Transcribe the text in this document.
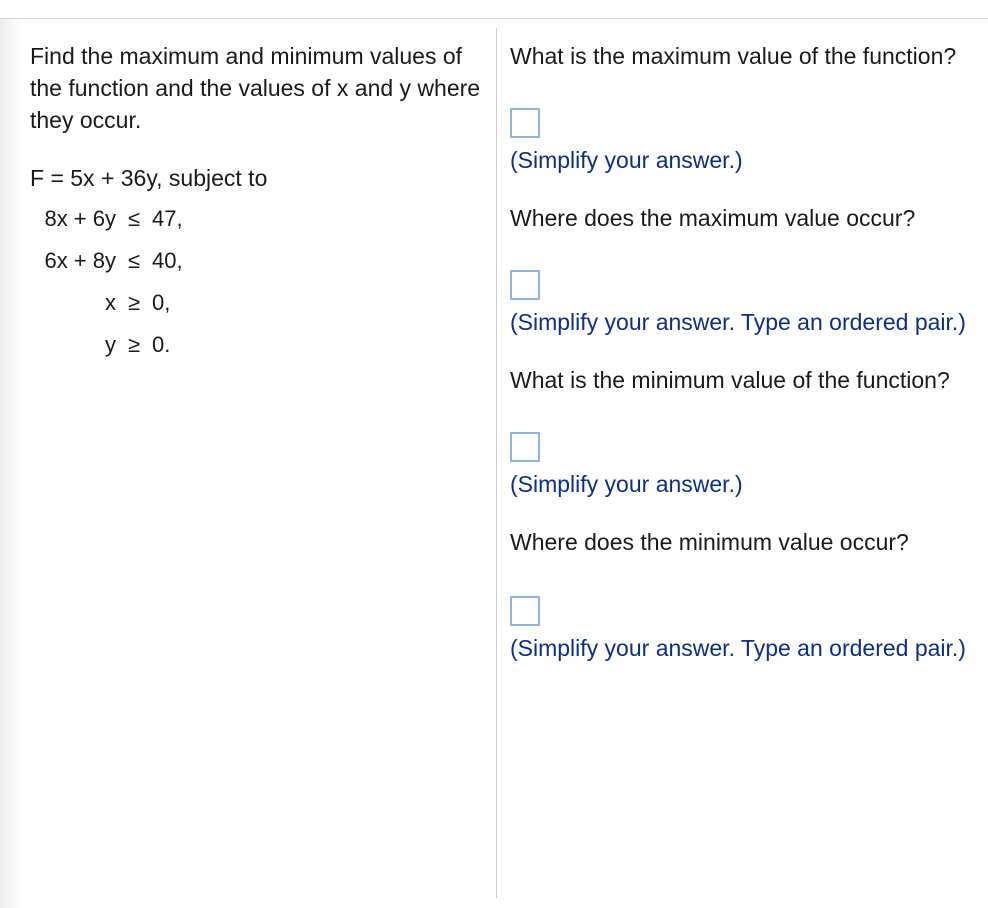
Find the maximum and minimum values of the function and the values of x and y where they occur.

F = 5x + 36y, subject to
8x + 6y ≤ 47,
6x + 8y ≤ 40,
x ≥ 0,
y ≥ 0.

What is the maximum value of the function?

(Simplify your answer.)

Where does the maximum value occur?

(Simplify your answer. Type an ordered pair.)

What is the minimum value of the function?

(Simplify your answer.)

Where does the minimum value occur?

(Simplify your answer. Type an ordered pair.)
